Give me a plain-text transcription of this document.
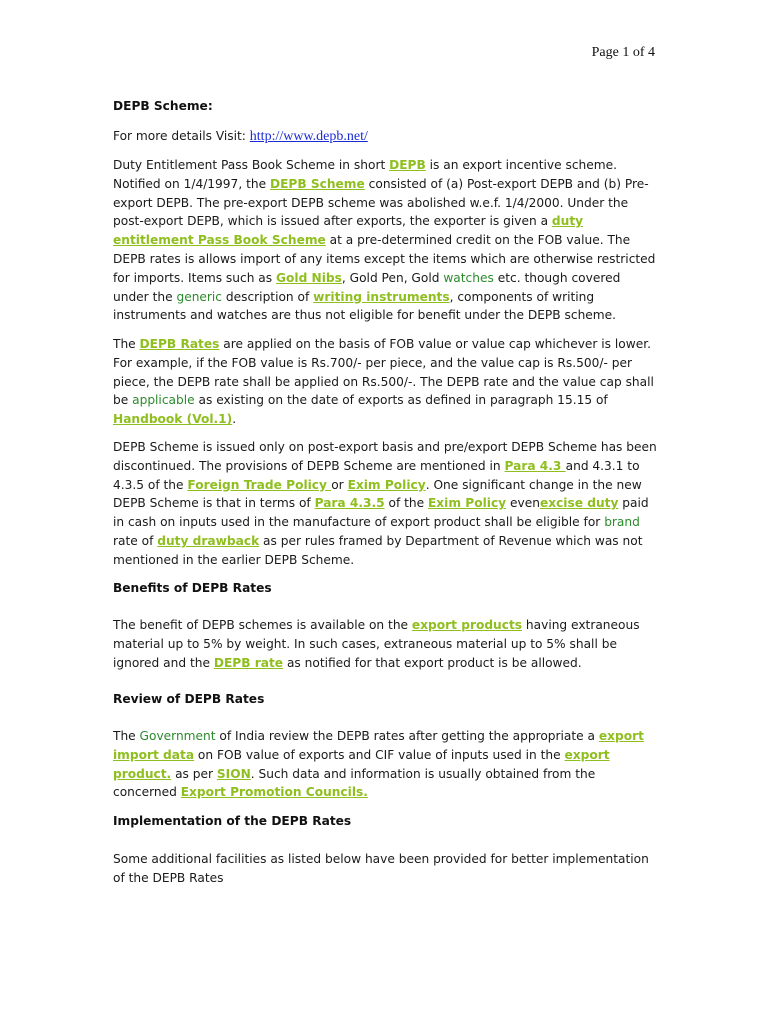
Page 1 of 4
DEPB Scheme:
For more details Visit: http://www.depb.net/
Duty Entitlement Pass Book Scheme in short DEPB is an export incentive scheme. Notified on 1/4/1997, the DEPB Scheme consisted of (a) Post-export DEPB and (b) Pre-export DEPB. The pre-export DEPB scheme was abolished w.e.f. 1/4/2000. Under the post-export DEPB, which is issued after exports, the exporter is given a duty entitlement Pass Book Scheme at a pre-determined credit on the FOB value. The DEPB rates is allows import of any items except the items which are otherwise restricted for imports. Items such as Gold Nibs, Gold Pen, Gold watches etc. though covered under the generic description of writing instruments, components of writing instruments and watches are thus not eligible for benefit under the DEPB scheme.
The DEPB Rates are applied on the basis of FOB value or value cap whichever is lower. For example, if the FOB value is Rs.700/- per piece, and the value cap is Rs.500/- per piece, the DEPB rate shall be applied on Rs.500/-. The DEPB rate and the value cap shall be applicable as existing on the date of exports as defined in paragraph 15.15 of Handbook (Vol.1).
DEPB Scheme is issued only on post-export basis and pre/export DEPB Scheme has been discontinued. The provisions of DEPB Scheme are mentioned in Para 4.3 and 4.3.1 to 4.3.5 of the Foreign Trade Policy or Exim Policy. One significant change in the new DEPB Scheme is that in terms of Para 4.3.5 of the Exim Policy evenexcise duty paid in cash on inputs used in the manufacture of export product shall be eligible for brand rate of duty drawback as per rules framed by Department of Revenue which was not mentioned in the earlier DEPB Scheme.
Benefits of DEPB Rates
The benefit of DEPB schemes is available on the export products having extraneous material up to 5% by weight. In such cases, extraneous material up to 5% shall be ignored and the DEPB rate as notified for that export product is be allowed.
Review of DEPB Rates
The Government of India review the DEPB rates after getting the appropriate a export import data on FOB value of exports and CIF value of inputs used in the export product. as per SION. Such data and information is usually obtained from the concerned Export Promotion Councils.
Implementation of the DEPB Rates
Some additional facilities as listed below have been provided for better implementation of the DEPB Rates
